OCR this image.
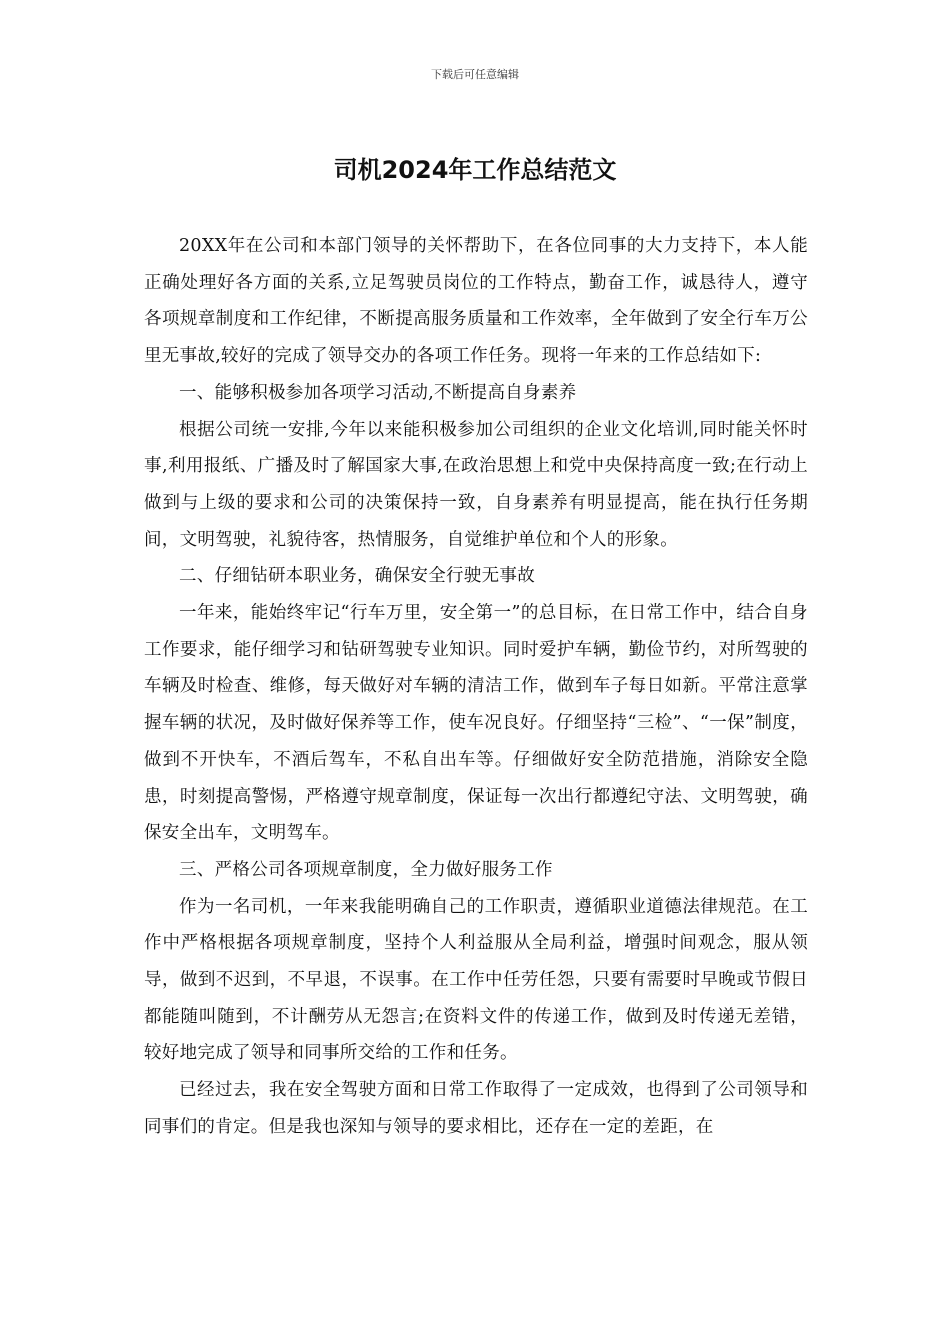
下载后可任意编辑
司机2024年工作总结范文

20XX年在公司和本部门领导的关怀帮助下，在各位同事的大力支持下，本人能正确处理好各方面的关系,立足驾驶员岗位的工作特点，勤奋工作，诚恳待人，遵守各项规章制度和工作纪律，不断提高服务质量和工作效率，全年做到了安全行车万公里无事故,较好的完成了领导交办的各项工作任务。现将一年来的工作总结如下:

一、能够积极参加各项学习活动,不断提高自身素养

根据公司统一安排,今年以来能积极参加公司组织的企业文化培训,同时能关怀时事,利用报纸、广播及时了解国家大事,在政治思想上和党中央保持高度一致;在行动上做到与上级的要求和公司的决策保持一致，自身素养有明显提高，能在执行任务期间，文明驾驶，礼貌待客，热情服务，自觉维护单位和个人的形象。

二、仔细钻研本职业务，确保安全行驶无事故

一年来，能始终牢记“行车万里，安全第一”的总目标，在日常工作中，结合自身工作要求，能仔细学习和钻研驾驶专业知识。同时爱护车辆，勤俭节约，对所驾驶的车辆及时检查、维修，每天做好对车辆的清洁工作，做到车子每日如新。平常注意掌握车辆的状况，及时做好保养等工作，使车况良好。仔细坚持“三检”、“一保”制度，做到不开快车，不酒后驾车，不私自出车等。仔细做好安全防范措施，消除安全隐患，时刻提高警惕，严格遵守规章制度，保证每一次出行都遵纪守法、文明驾驶，确保安全出车，文明驾车。

三、严格公司各项规章制度，全力做好服务工作

作为一名司机，一年来我能明确自己的工作职责，遵循职业道德法律规范。在工作中严格根据各项规章制度，坚持个人利益服从全局利益，增强时间观念，服从领导，做到不迟到，不早退，不误事。在工作中任劳任怨，只要有需要时早晚或节假日都能随叫随到，不计酬劳从无怨言;在资料文件的传递工作，做到及时传递无差错，较好地完成了领导和同事所交给的工作和任务。

已经过去，我在安全驾驶方面和日常工作取得了一定成效，也得到了公司领导和同事们的肯定。但是我也深知与领导的要求相比，还存在一定的差距，在
